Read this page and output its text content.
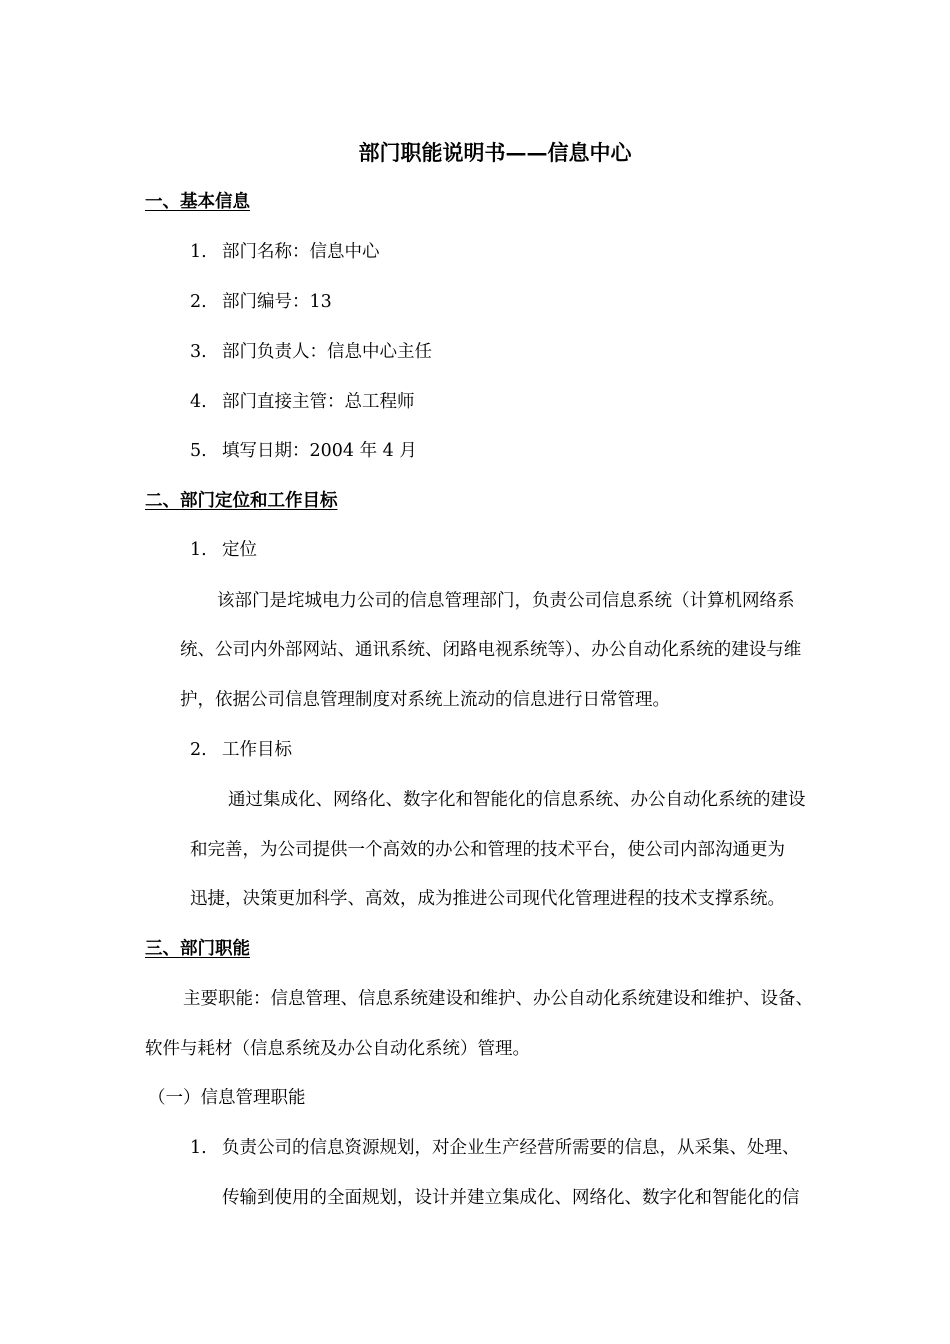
部门职能说明书——信息中心
一、基本信息
1. 部门名称：信息中心
2. 部门编号：13
3. 部门负责人：信息中心主任
4. 部门直接主管：总工程师
5. 填写日期：2004 年 4 月
二、部门定位和工作目标
1. 定位
该部门是垞城电力公司的信息管理部门，负责公司信息系统（计算机网络系
统、公司内外部网站、通讯系统、闭路电视系统等）、办公自动化系统的建设与维
护，依据公司信息管理制度对系统上流动的信息进行日常管理。
2. 工作目标
通过集成化、网络化、数字化和智能化的信息系统、办公自动化系统的建设
和完善，为公司提供一个高效的办公和管理的技术平台，使公司内部沟通更为
迅捷，决策更加科学、高效，成为推进公司现代化管理进程的技术支撑系统。
三、部门职能
主要职能：信息管理、信息系统建设和维护、办公自动化系统建设和维护、设备、
软件与耗材（信息系统及办公自动化系统）管理。
（一）信息管理职能
1. 负责公司的信息资源规划，对企业生产经营所需要的信息，从采集、处理、
传输到使用的全面规划，设计并建立集成化、网络化、数字化和智能化的信
